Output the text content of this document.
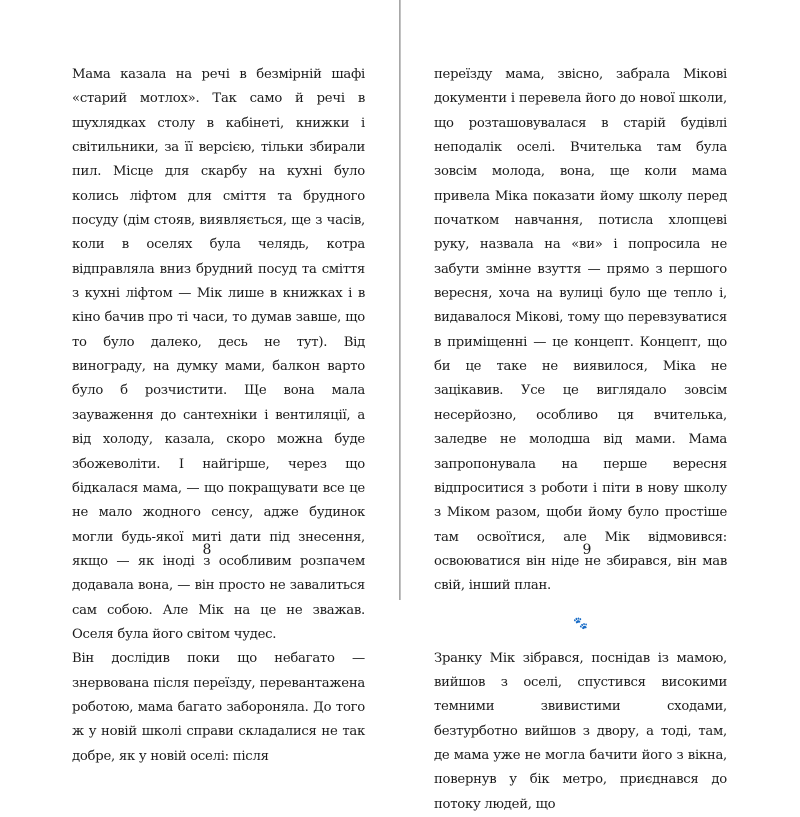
Мама казала на речі в безмірній шафі «старий мотлох». Так само й речі в шухлядках столу в кабінеті, книжки і світильники, за її версією, тільки збирали пил. Місце для скарбу на кухні було колись ліфтом для сміття та брудного посуду (дім стояв, виявляється, ще з часів, коли в оселях була челядь, котра відправляла вниз брудний посуд та сміття з кухні ліфтом — Мік лише в книжках і в кіно бачив про ті часи, то думав завше, що то було далеко, десь не тут). Від винограду, на думку мами, балкон варто було б розчистити. Ще вона мала зауваження до сантехніки і вентиляції, а від холоду, казала, скоро можна буде збожеволіти. І найгірше, через що бідкалася мама, — що покращувати все це не мало жодного сенсу, адже будинок могли будь-якої миті дати під знесення, якщо — як іноді з особливим розпачем додавала вона, — він просто не завалиться сам собою. Але Мік на це не зважав. Оселя була його світом чудес.

Він дослідив поки що небагато — знервована після переїзду, перевантажена роботою, мама багато забороняла. До того ж у новій школі справи складалися не так добре, як у новій оселі: після

8

переїзду мама, звісно, забрала Мікові документи і перевела його до нової школи, що розташовувалася в старій будівлі неподалік оселі. Вчителька там була зовсім молода, вона, ще коли мама привела Міка показати йому школу перед початком навчання, потисла хлопцеві руку, назвала на «ви» і попросила не забути змінне взуття — прямо з першого вересня, хоча на вулиці було ще тепло і, видавалося Мікові, тому що перевзуватися в приміщенні — це концепт. Концепт, що би це таке не виявилося, Міка не зацікавив. Усе це виглядало зовсім несерйозно, особливо ця вчителька, заледве не молодша від мами. Мама запропонувала на перше вересня відпроситися з роботи і піти в нову школу з Міком разом, щоби йому було простіше там освоїтися, але Мік відмовився: освоюватися він ніде не збирався, він мав свій, інший план.

🐾

Зранку Мік зібрався, поснідав із мамою, вийшов з оселі, спустився високими темними звивистими сходами, безтурботно вийшов з двору, а тоді, там, де мама уже не могла бачити його з вікна, повернув у бік метро, приєднався до потоку людей, що

9
